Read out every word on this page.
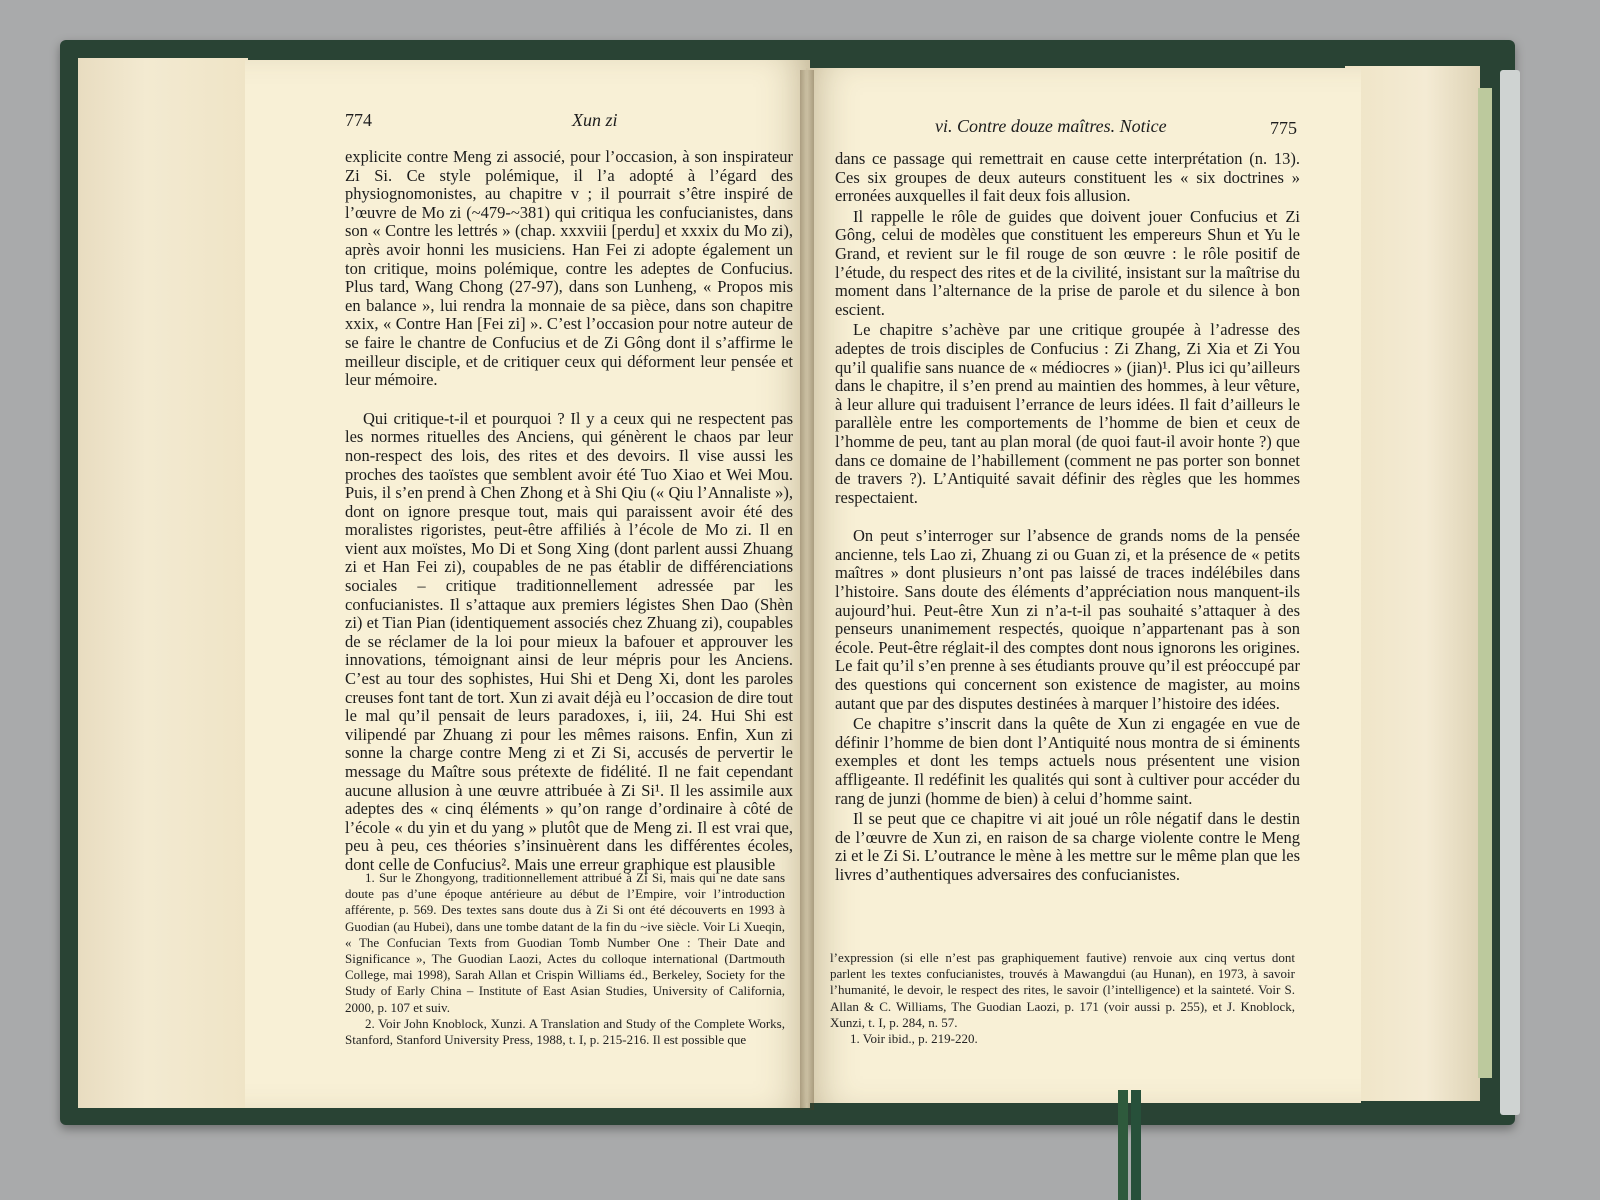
774	Xun zi

explicite contre Meng zi associé, pour l’occasion, à son inspirateur Zi Si. Ce style polémique, il l’a adopté à l’égard des physiognomonistes, au chapitre v ; il pourrait s’être inspiré de l’œuvre de Mo zi (~479-~381) qui critiqua les confucianistes, dans son « Contre les lettrés » (chap. xxxviii [perdu] et xxxix du Mo zi), après avoir honni les musiciens. Han Fei zi adopte également un ton critique, moins polémique, contre les adeptes de Confucius. Plus tard, Wang Chong (27-97), dans son Lunheng, « Propos mis en balance », lui rendra la monnaie de sa pièce, dans son chapitre xxix, « Contre Han [Fei zi] ». C’est l’occasion pour notre auteur de se faire le chantre de Confucius et de Zi Gông dont il s’affirme le meilleur disciple, et de critiquer ceux qui déforment leur pensée et leur mémoire.

Qui critique-t-il et pourquoi ? Il y a ceux qui ne respectent pas les normes rituelles des Anciens, qui génèrent le chaos par leur non-respect des lois, des rites et des devoirs. Il vise aussi les proches des taoïstes que semblent avoir été Tuo Xiao et Wei Mou. Puis, il s’en prend à Chen Zhong et à Shi Qiu (« Qiu l’Annaliste »), dont on ignore presque tout, mais qui paraissent avoir été des moralistes rigoristes, peut-être affiliés à l’école de Mo zi. Il en vient aux moïstes, Mo Di et Song Xing (dont parlent aussi Zhuang zi et Han Fei zi), coupables de ne pas établir de différenciations sociales – critique traditionnellement adressée par les confucianistes. Il s’attaque aux premiers légistes Shen Dao (Shèn zi) et Tian Pian (identiquement associés chez Zhuang zi), coupables de se réclamer de la loi pour mieux la bafouer et approuver les innovations, témoignant ainsi de leur mépris pour les Anciens. C’est au tour des sophistes, Hui Shi et Deng Xi, dont les paroles creuses font tant de tort. Xun zi avait déjà eu l’occasion de dire tout le mal qu’il pensait de leurs paradoxes, i, iii, 24. Hui Shi est vilipendé par Zhuang zi pour les mêmes raisons. Enfin, Xun zi sonne la charge contre Meng zi et Zi Si, accusés de pervertir le message du Maître sous prétexte de fidélité. Il ne fait cependant aucune allusion à une œuvre attribuée à Zi Si¹. Il les assimile aux adeptes des « cinq éléments » qu’on range d’ordinaire à côté de l’école « du yin et du yang » plutôt que de Meng zi. Il est vrai que, peu à peu, ces théories s’insinuèrent dans les différentes écoles, dont celle de Confucius². Mais une erreur graphique est plausible

1. Sur le Zhongyong, traditionnellement attribué à Zi Si, mais qui ne date sans doute pas d’une époque antérieure au début de l’Empire, voir l’introduction afférente, p. 569. Des textes sans doute dus à Zi Si ont été découverts en 1993 à Guodian (au Hubei), dans une tombe datant de la fin du ~ive siècle. Voir Li Xueqin, « The Confucian Texts from Guodian Tomb Number One : Their Date and Significance », The Guodian Laozi, Actes du colloque international (Dartmouth College, mai 1998), Sarah Allan et Crispin Williams éd., Berkeley, Society for the Study of Early China – Institute of East Asian Studies, University of California, 2000, p. 107 et suiv.

2. Voir John Knoblock, Xunzi. A Translation and Study of the Complete Works, Stanford, Stanford University Press, 1988, t. I, p. 215-216. Il est possible que

vi. Contre douze maîtres. Notice	775

dans ce passage qui remettrait en cause cette interprétation (n. 13). Ces six groupes de deux auteurs constituent les « six doctrines » erronées auxquelles il fait deux fois allusion.

Il rappelle le rôle de guides que doivent jouer Confucius et Zi Gông, celui de modèles que constituent les empereurs Shun et Yu le Grand, et revient sur le fil rouge de son œuvre : le rôle positif de l’étude, du respect des rites et de la civilité, insistant sur la maîtrise du moment dans l’alternance de la prise de parole et du silence à bon escient.

Le chapitre s’achève par une critique groupée à l’adresse des adeptes de trois disciples de Confucius : Zi Zhang, Zi Xia et Zi You qu’il qualifie sans nuance de « médiocres » (jian)¹. Plus ici qu’ailleurs dans le chapitre, il s’en prend au maintien des hommes, à leur vêture, à leur allure qui traduisent l’errance de leurs idées. Il fait d’ailleurs le parallèle entre les comportements de l’homme de bien et ceux de l’homme de peu, tant au plan moral (de quoi faut-il avoir honte ?) que dans ce domaine de l’habillement (comment ne pas porter son bonnet de travers ?). L’Antiquité savait définir des règles que les hommes respectaient.

On peut s’interroger sur l’absence de grands noms de la pensée ancienne, tels Lao zi, Zhuang zi ou Guan zi, et la présence de « petits maîtres » dont plusieurs n’ont pas laissé de traces indélébiles dans l’histoire. Sans doute des éléments d’appréciation nous manquent-ils aujourd’hui. Peut-être Xun zi n’a-t-il pas souhaité s’attaquer à des penseurs unanimement respectés, quoique n’appartenant pas à son école. Peut-être réglait-il des comptes dont nous ignorons les origines. Le fait qu’il s’en prenne à ses étudiants prouve qu’il est préoccupé par des questions qui concernent son existence de magister, au moins autant que par des disputes destinées à marquer l’histoire des idées.

Ce chapitre s’inscrit dans la quête de Xun zi engagée en vue de définir l’homme de bien dont l’Antiquité nous montra de si éminents exemples et dont les temps actuels nous présentent une vision affligeante. Il redéfinit les qualités qui sont à cultiver pour accéder du rang de junzi (homme de bien) à celui d’homme saint.

Il se peut que ce chapitre vi ait joué un rôle négatif dans le destin de l’œuvre de Xun zi, en raison de sa charge violente contre le Meng zi et le Zi Si. L’outrance le mène à les mettre sur le même plan que les livres d’authentiques adversaires des confucianistes.

l’expression (si elle n’est pas graphiquement fautive) renvoie aux cinq vertus dont parlent les textes confucianistes, trouvés à Mawangdui (au Hunan), en 1973, à savoir l’humanité, le devoir, le respect des rites, le savoir (l’intelligence) et la sainteté. Voir S. Allan & C. Williams, The Guodian Laozi, p. 171 (voir aussi p. 255), et J. Knoblock, Xunzi, t. I, p. 284, n. 57.

1. Voir ibid., p. 219-220.
